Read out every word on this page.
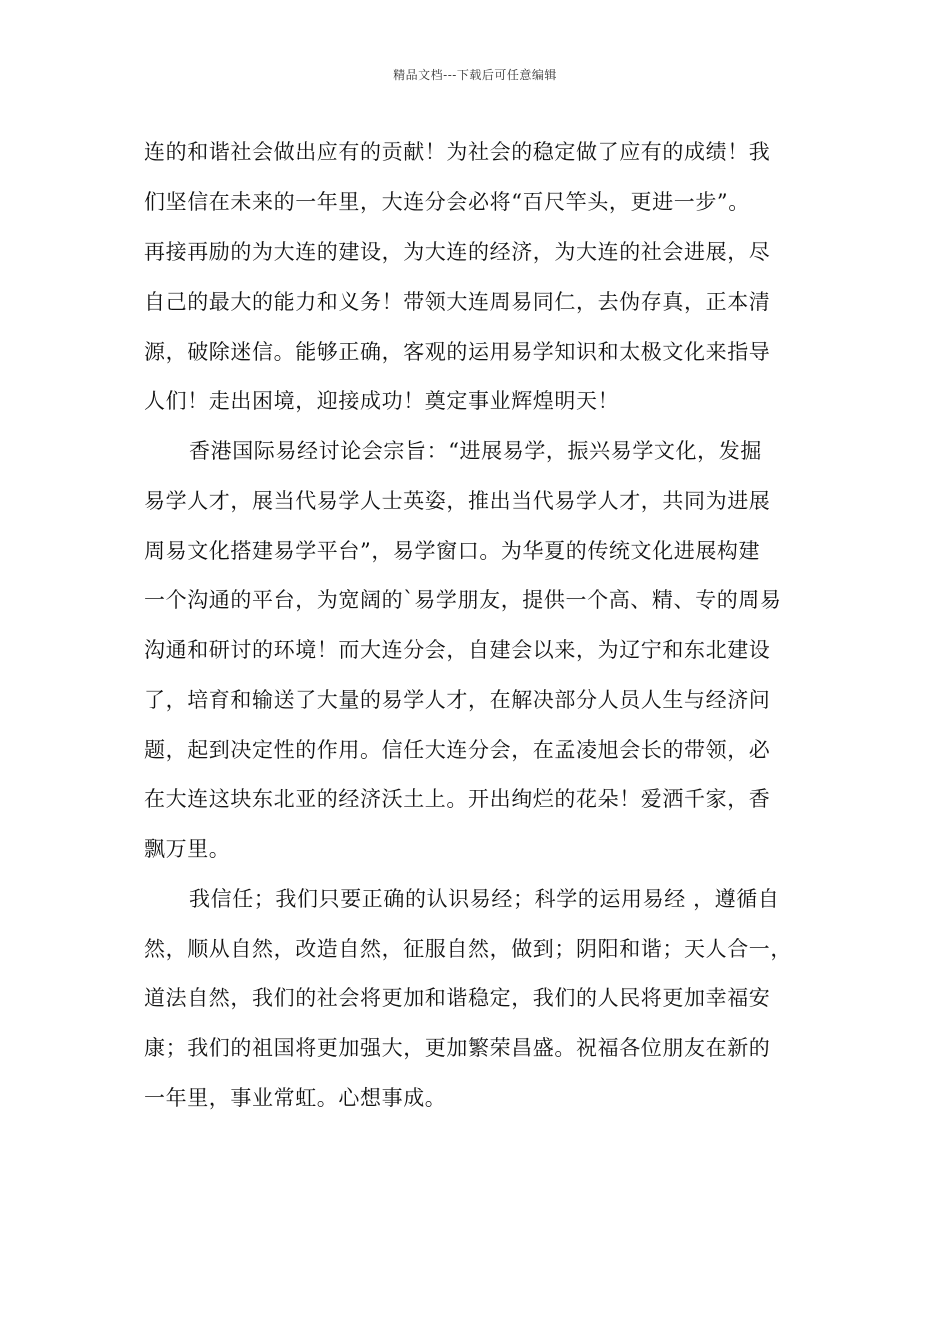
精品文档---下载后可任意编辑
连的和谐社会做出应有的贡献！为社会的稳定做了应有的成绩！我
们坚信在未来的一年里，大连分会必将“百尺竿头，更进一步”。
再接再励的为大连的建设，为大连的经济，为大连的社会进展，尽
自己的最大的能力和义务！带领大连周易同仁，去伪存真，正本清
源，破除迷信。能够正确，客观的运用易学知识和太极文化来指导
人们！走出困境，迎接成功！奠定事业辉煌明天！
香港国际易经讨论会宗旨：“进展易学，振兴易学文化，发掘
易学人才，展当代易学人士英姿，推出当代易学人才，共同为进展
周易文化搭建易学平台”，易学窗口。为华夏的传统文化进展构建
一个沟通的平台，为宽阔的`易学朋友，提供一个高、精、专的周易
沟通和研讨的环境！而大连分会，自建会以来，为辽宁和东北建设
了，培育和输送了大量的易学人才，在解决部分人员人生与经济问
题，起到决定性的作用。信任大连分会，在孟凌旭会长的带领，必
在大连这块东北亚的经济沃土上。开出绚烂的花朵！爱洒千家，香
飘万里。
我信任；我们只要正确的认识易经；科学的运用易经 ，遵循自
然，顺从自然，改造自然，征服自然，做到；阴阳和谐；天人合一，
道法自然，我们的社会将更加和谐稳定，我们的人民将更加幸福安
康；我们的祖国将更加强大，更加繁荣昌盛。祝福各位朋友在新的
一年里，事业常虹。心想事成。
